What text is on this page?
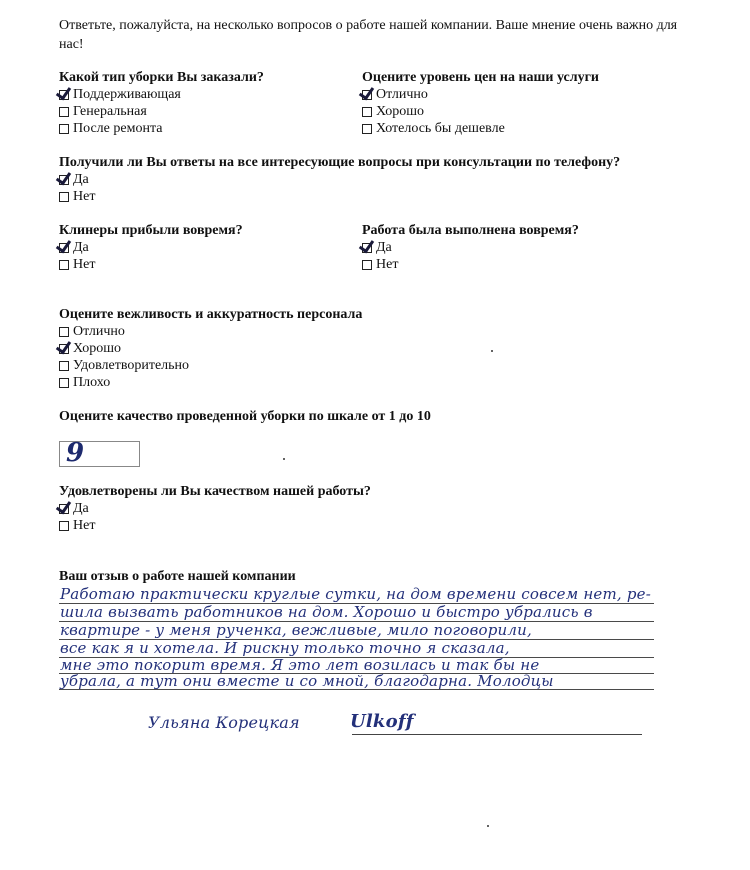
Ответьте, пожалуйста, на несколько вопросов о работе нашей компании. Ваше мнение очень важно для нас!
Какой тип уборки Вы заказали?
Поддерживающая
Генеральная
После ремонта
Оцените уровень цен на наши услуги
Отлично
Хорошо
Хотелось бы дешевле
Получили ли Вы ответы на все интересующие вопросы при консультации по телефону?
Да
Нет
Клинеры прибыли вовремя?
Да
Нет
Работа была выполнена вовремя?
Да
Нет
Оцените вежливость и аккуратность персонала
Отлично
Хорошо
Удовлетворительно
Плохо
Оцените качество проведенной уборки по шкале от 1 до 10
9
Удовлетворены ли Вы качеством нашей работы?
Да
Нет
Ваш отзыв о работе нашей компании
Работаю практически круглые сутки, на дом времени совсем нет, ре-
шила вызвать работников на дом. Хорошо и быстро убрались в
квартире - у меня рученка, вежливые, мило поговорили,
все как я и хотела. И рискну только точно я сказала,
мне это покорит время. Я это лет возилась и так бы не
убрала, а тут они вместе и со мной, благодарна. Молодцы
Ульяна Корецкая	Ulkoff
